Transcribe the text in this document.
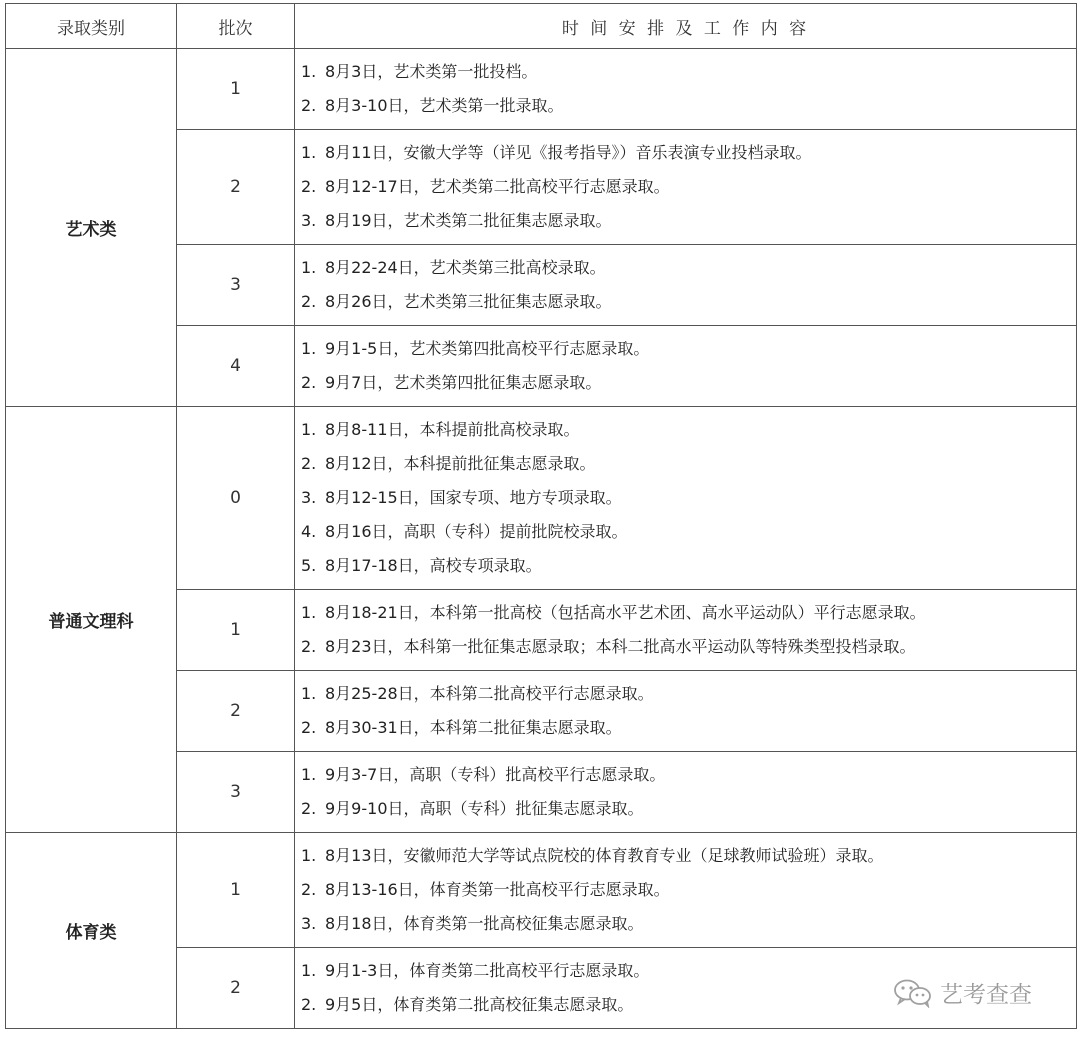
录取类别	批次	时 间 安 排 及 工 作 内 容
艺术类	1	1. 8月3日，艺术类第一批投档。
2. 8月3-10日，艺术类第一批录取。

	2	1. 8月11日，安徽大学等（详见《报考指导》）音乐表演专业投档录取。
2. 8月12-17日，艺术类第二批高校平行志愿录取。
3. 8月19日，艺术类第二批征集志愿录取。

	3	1. 8月22-24日，艺术类第三批高校录取。
2. 8月26日，艺术类第三批征集志愿录取。

	4	1. 9月1-5日，艺术类第四批高校平行志愿录取。
2. 9月7日，艺术类第四批征集志愿录取。

普通文理科	0	1. 8月8-11日，本科提前批高校录取。
2. 8月12日，本科提前批征集志愿录取。
3. 8月12-15日，国家专项、地方专项录取。
4. 8月16日，高职（专科）提前批院校录取。
5. 8月17-18日，高校专项录取。

	1	1. 8月18-21日，本科第一批高校（包括高水平艺术团、高水平运动队）平行志愿录取。
2. 8月23日，本科第一批征集志愿录取；本科二批高水平运动队等特殊类型投档录取。

	2	1. 8月25-28日，本科第二批高校平行志愿录取。
2. 8月30-31日，本科第二批征集志愿录取。

	3	1. 9月3-7日，高职（专科）批高校平行志愿录取。
2. 9月9-10日，高职（专科）批征集志愿录取。

体育类	1	1. 8月13日，安徽师范大学等试点院校的体育教育专业（足球教师试验班）录取。
2. 8月13-16日，体育类第一批高校平行志愿录取。
3. 8月18日，体育类第一批高校征集志愿录取。

	2	1. 9月1-3日，体育类第二批高校平行志愿录取。
2. 9月5日，体育类第二批高校征集志愿录取。	艺考查查
